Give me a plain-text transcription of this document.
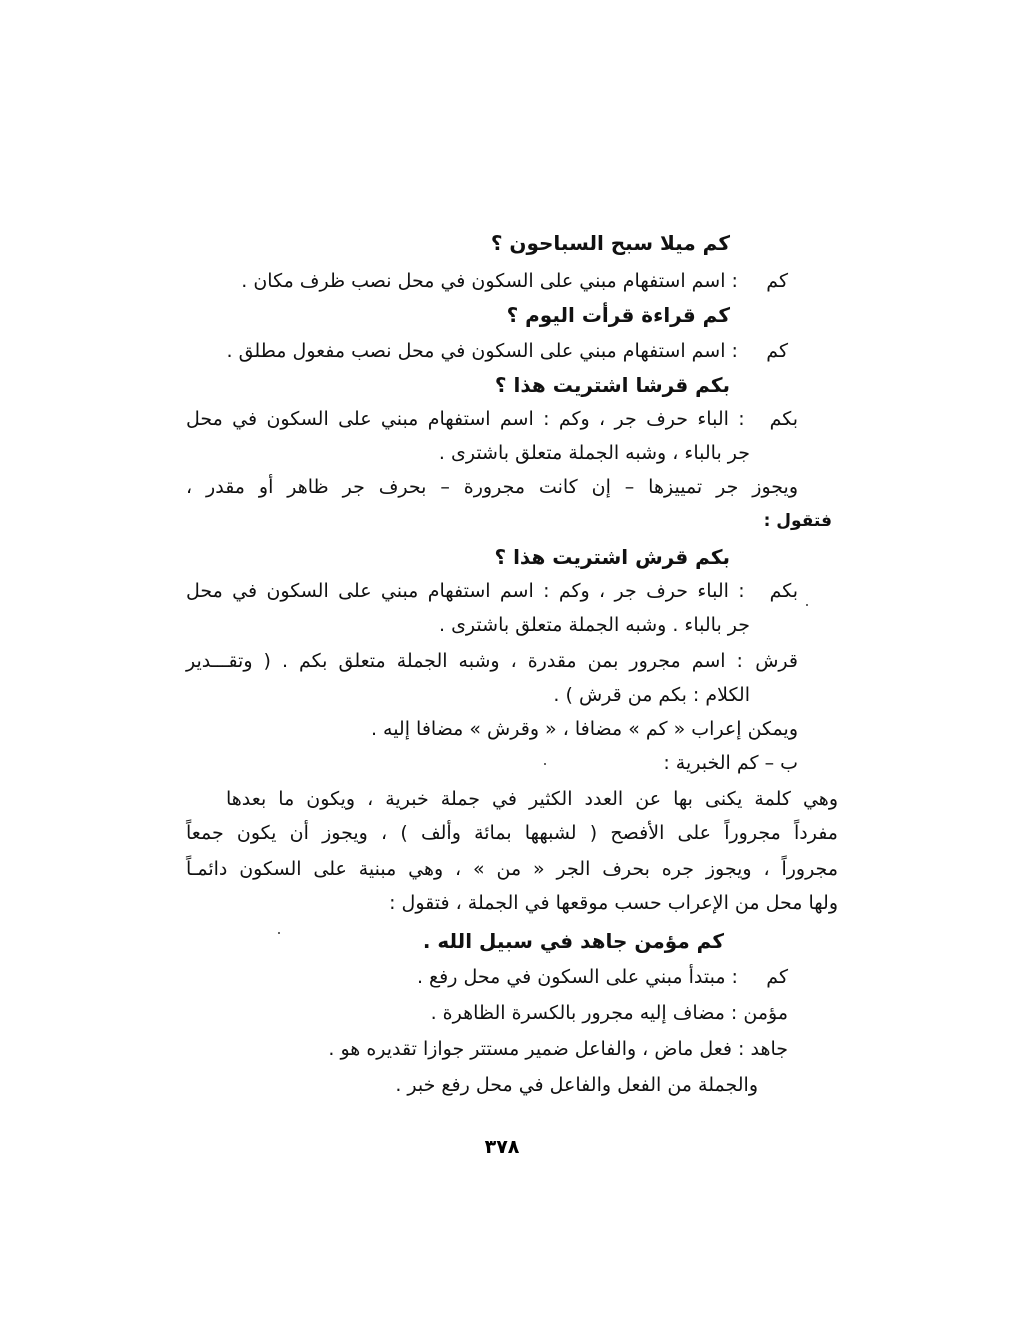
كم ميلا سبح السباحون ؟
كم : اسم استفهام مبني على السكون في محل نصب ظرف مكان .
كم قراءة قرأت اليوم ؟
كم : اسم استفهام مبني على السكون في محل نصب مفعول مطلق .
بكم قرشا اشتريت هذا ؟
بكم : الباء حرف جر ، وكم : اسم استفهام مبني على السكون في محل
جر بالباء ، وشبه الجملة متعلق باشترى .
ويجوز جر تمييزها – إن كانت مجرورة – بحرف جر ظاهر أو مقدر ،
فتقول :
بكم قرش اشتريت هذا ؟
بكم : الباء حرف جر ، وكم : اسم استفهام مبني على السكون في محل
جر بالباء . وشبه الجملة متعلق باشترى .
قرش : اسم مجرور بمن مقدرة ، وشبه الجملة متعلق بكم . ( وتقـــدير
الكلام : بكم من قرش ) .
ويمكن إعراب « كم » مضافا ، « وقرش » مضافا إليه .
ب – كم الخبرية :
وهي كلمة يكنى بها عن العدد الكثير في جملة خبرية ، ويكون ما بعدها
مفرداً مجروراً على الأفصح ( لشبهها بمائة وألف ) ، ويجوز أن يكون جمعاً
مجروراً ، ويجوز جره بحرف الجر « من » ، وهي مبنية على السكون دائمـاً
ولها محل من الإعراب حسب موقعها في الجملة ، فتقول :
كم مؤمن جاهد في سبيل الله .
كم : مبتدأ مبني على السكون في محل رفع .
مؤمن : مضاف إليه مجرور بالكسرة الظاهرة .
جاهد : فعل ماض ، والفاعل ضمير مستتر جوازا تقديره هو .
والجملة من الفعل والفاعل في محل رفع خبر .
٣٧٨
